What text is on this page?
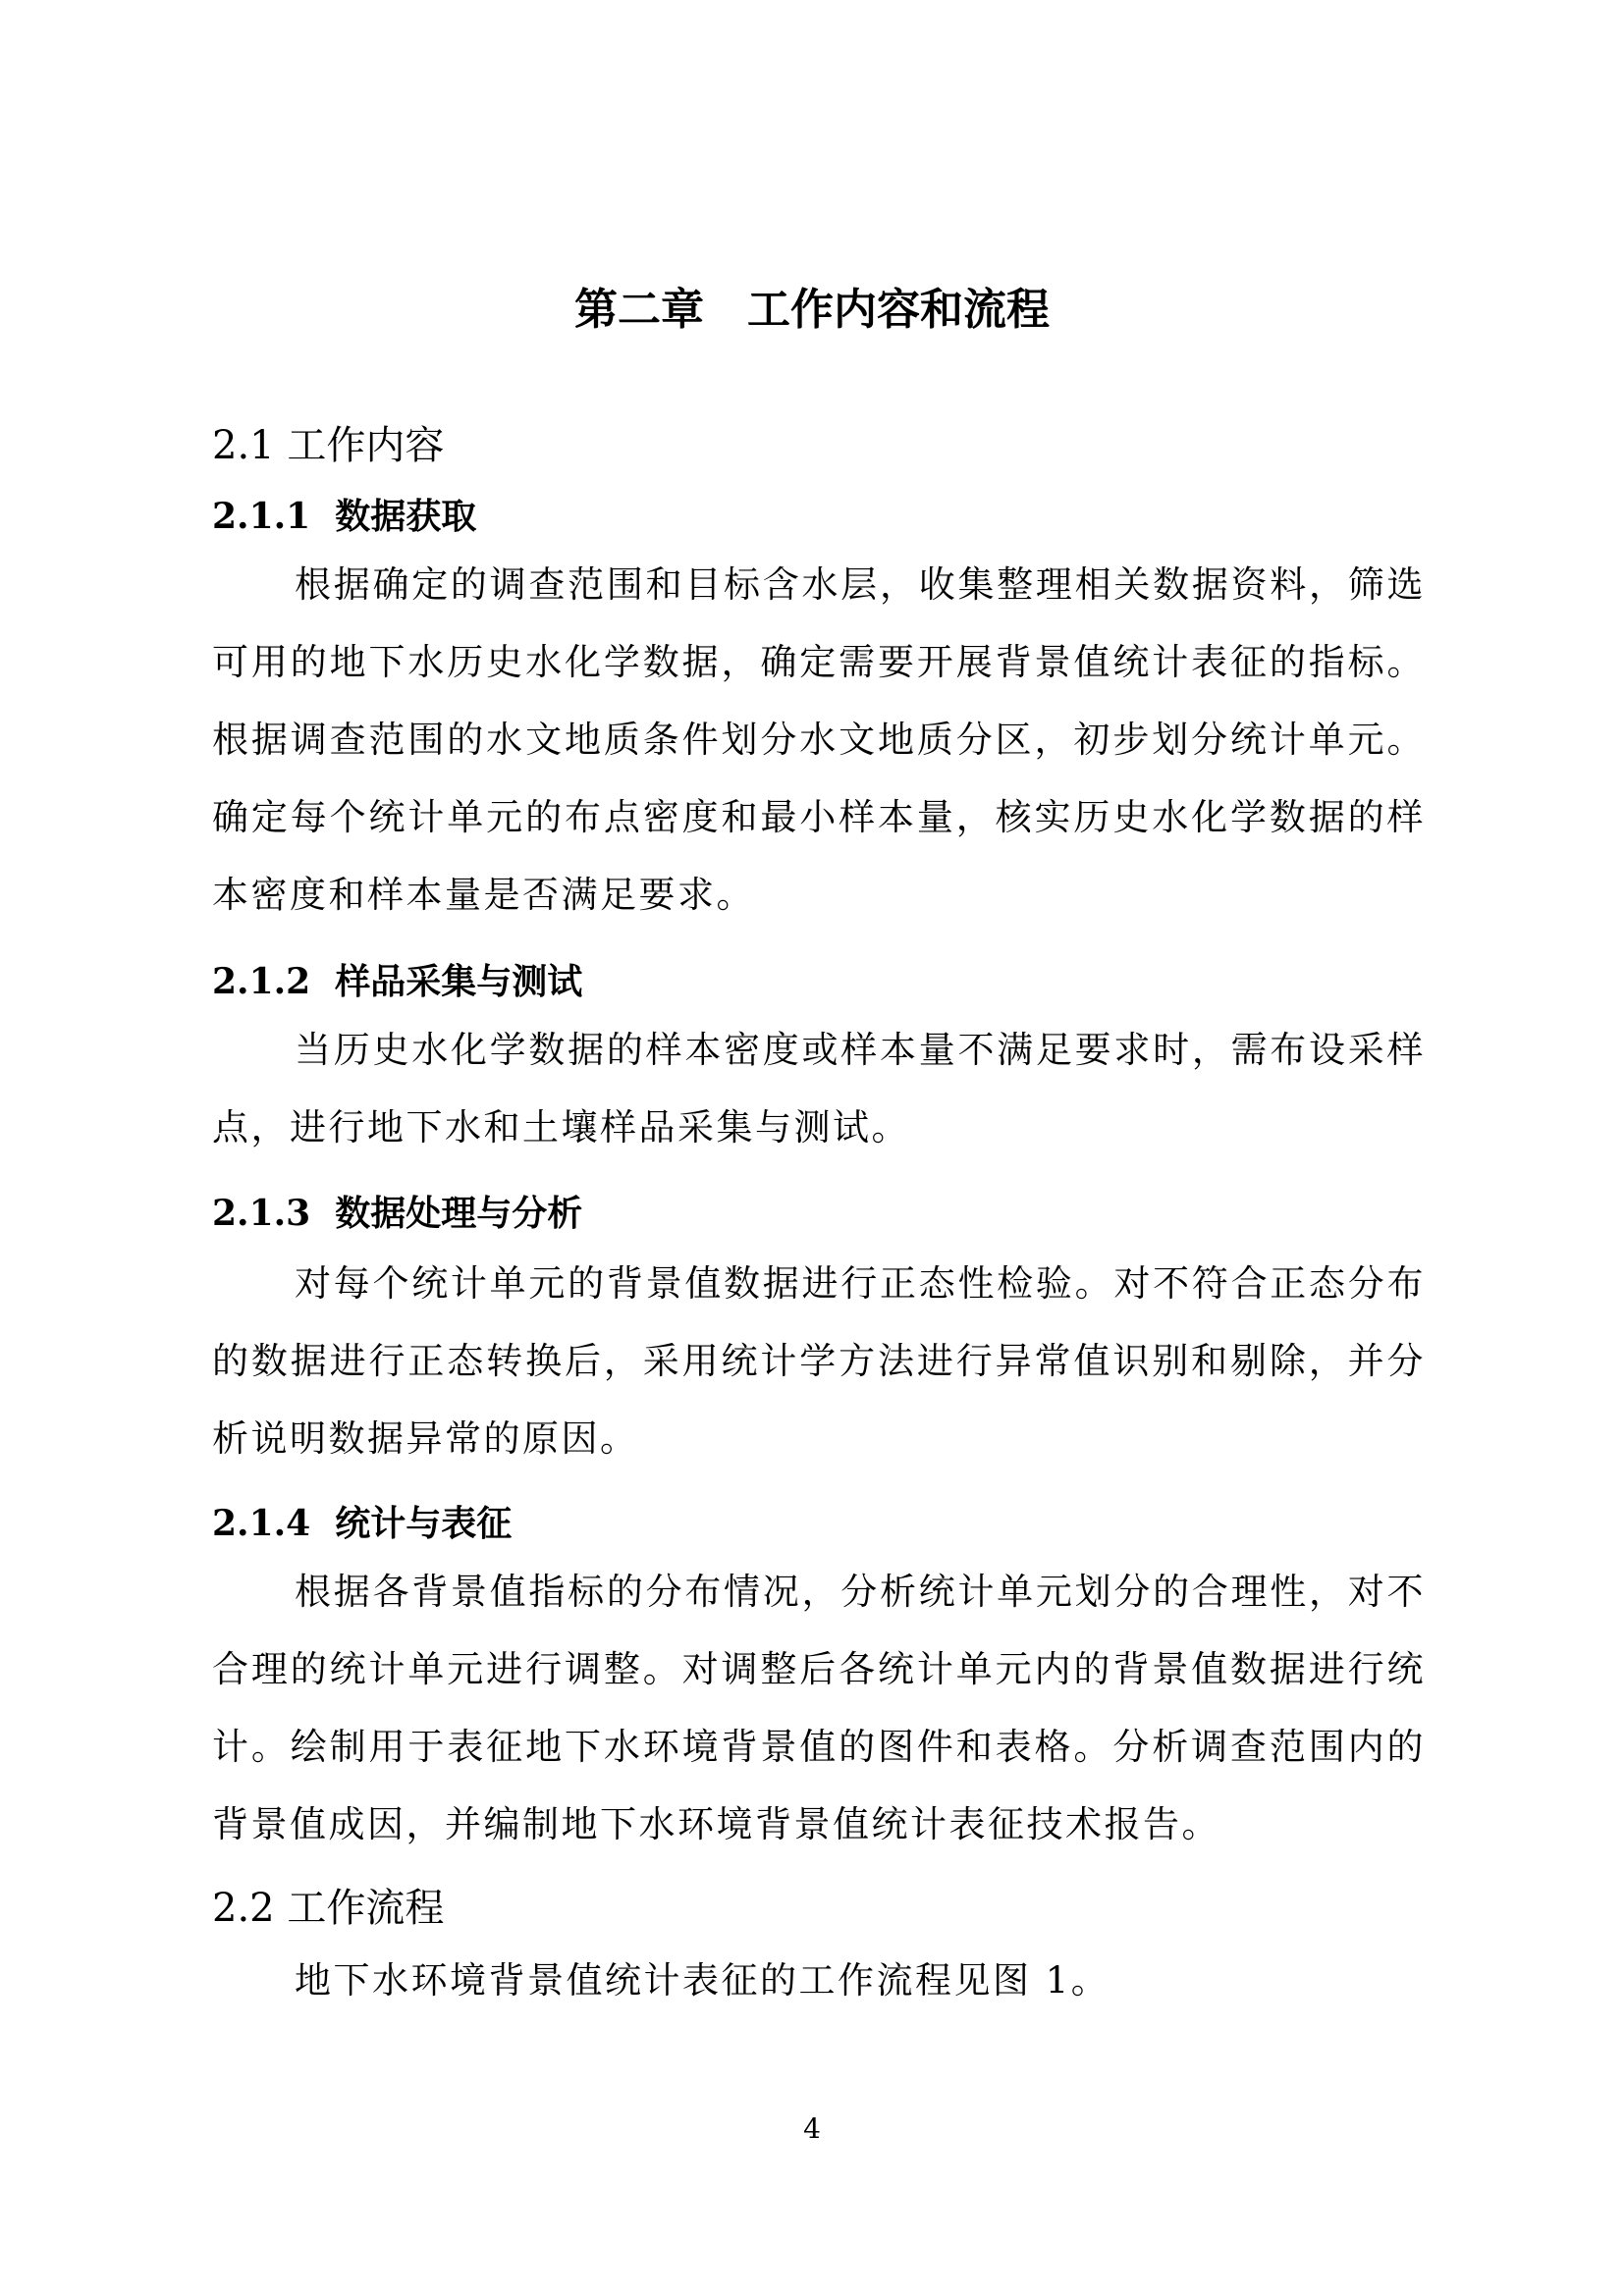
第二章　工作内容和流程
2.1 工作内容
2.1.1  数据获取

根据确定的调查范围和目标含水层，收集整理相关数据资料，筛选可用的地下水历史水化学数据，确定需要开展背景值统计表征的指标。根据调查范围的水文地质条件划分水文地质分区，初步划分统计单元。确定每个统计单元的布点密度和最小样本量，核实历史水化学数据的样本密度和样本量是否满足要求。

2.1.2  样品采集与测试

当历史水化学数据的样本密度或样本量不满足要求时，需布设采样点，进行地下水和土壤样品采集与测试。

2.1.3  数据处理与分析

对每个统计单元的背景值数据进行正态性检验。对不符合正态分布的数据进行正态转换后，采用统计学方法进行异常值识别和剔除，并分析说明数据异常的原因。

2.1.4  统计与表征

根据各背景值指标的分布情况，分析统计单元划分的合理性，对不合理的统计单元进行调整。对调整后各统计单元内的背景值数据进行统计。绘制用于表征地下水环境背景值的图件和表格。分析调查范围内的背景值成因，并编制地下水环境背景值统计表征技术报告。

2.2 工作流程

地下水环境背景值统计表征的工作流程见图 1。

4
